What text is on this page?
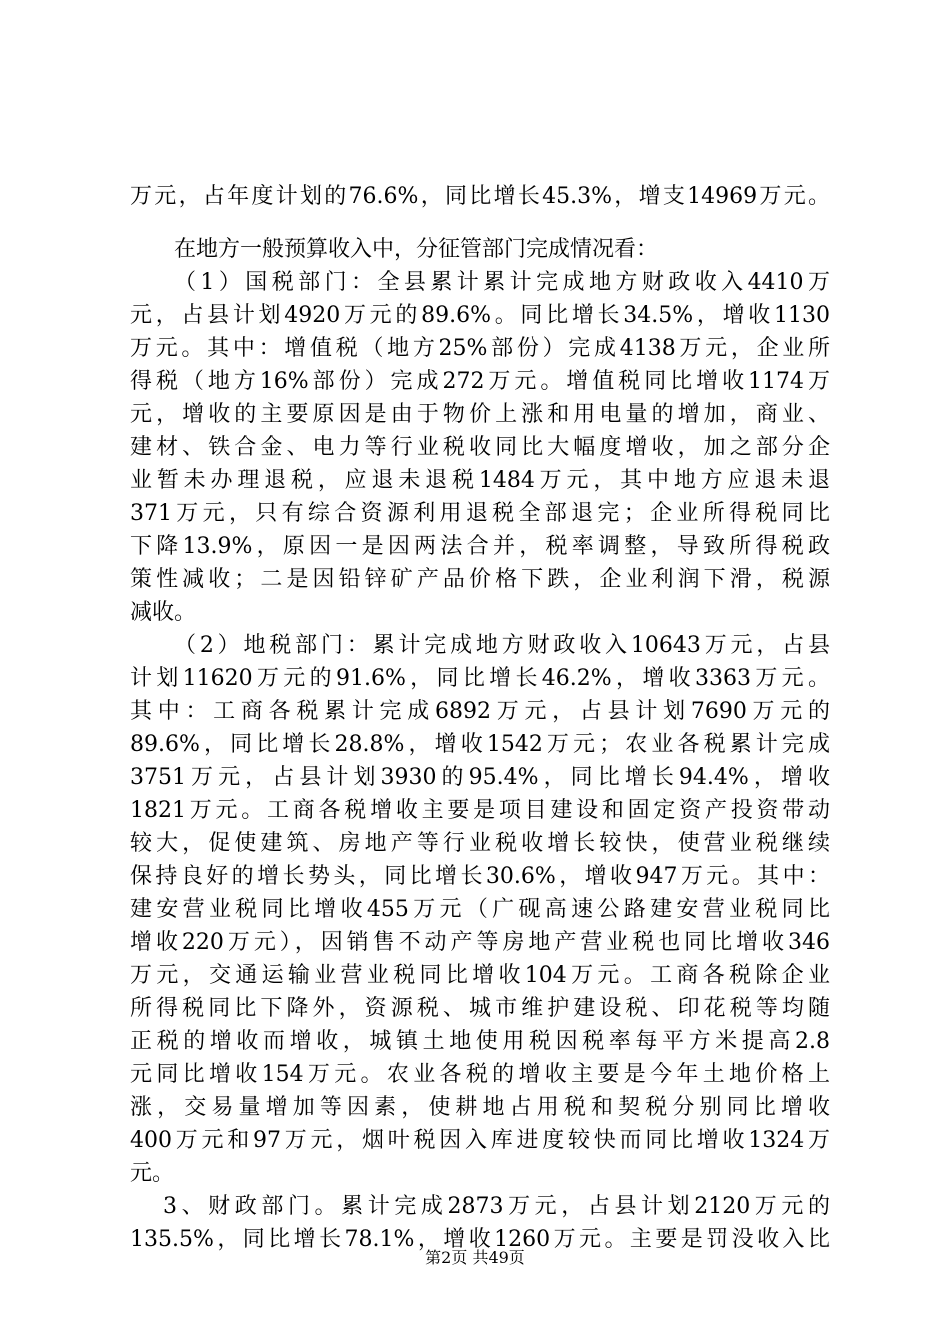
万元，占年度计划的76.6%，同比增长45.3%，增支14969万元。
在地方一般预算收入中，分征管部门完成情况看：
（1）国税部门：全县累计累计完成地方财政收入4410万
元，占县计划4920万元的89.6%。同比增长34.5%，增收1130
万元。其中：增值税（地方25%部份）完成4138万元，企业所
得税（地方16%部份）完成272万元。增值税同比增收1174万
元，增收的主要原因是由于物价上涨和用电量的增加，商业、
建材、铁合金、电力等行业税收同比大幅度增收，加之部分企
业暂未办理退税，应退未退税1484万元，其中地方应退未退
371万元，只有综合资源利用退税全部退完；企业所得税同比
下降13.9%，原因一是因两法合并，税率调整，导致所得税政
策性减收；二是因铅锌矿产品价格下跌，企业利润下滑，税源
减收。
（2）地税部门：累计完成地方财政收入10643万元，占县
计划11620万元的91.6%，同比增长46.2%，增收3363万元。
其中：工商各税累计完成6892万元，占县计划7690万元的
89.6%，同比增长28.8%，增收1542万元；农业各税累计完成
3751万元，占县计划3930的95.4%，同比增长94.4%，增收
1821万元。工商各税增收主要是项目建设和固定资产投资带动
较大，促使建筑、房地产等行业税收增长较快，使营业税继续
保持良好的增长势头，同比增长30.6%，增收947万元。其中：
建安营业税同比增收455万元（广砚高速公路建安营业税同比
增收220万元），因销售不动产等房地产营业税也同比增收346
万元，交通运输业营业税同比增收104万元。工商各税除企业
所得税同比下降外，资源税、城市维护建设税、印花税等均随
正税的增收而增收，城镇土地使用税因税率每平方米提高2.8
元同比增收154万元。农业各税的增收主要是今年土地价格上
涨，交易量增加等因素，使耕地占用税和契税分别同比增收
400万元和97万元，烟叶税因入库进度较快而同比增收1324万
元。
3、财政部门。累计完成2873万元，占县计划2120万元的
135.5%，同比增长78.1%，增收1260万元。主要是罚没收入比
第2页 共49页
